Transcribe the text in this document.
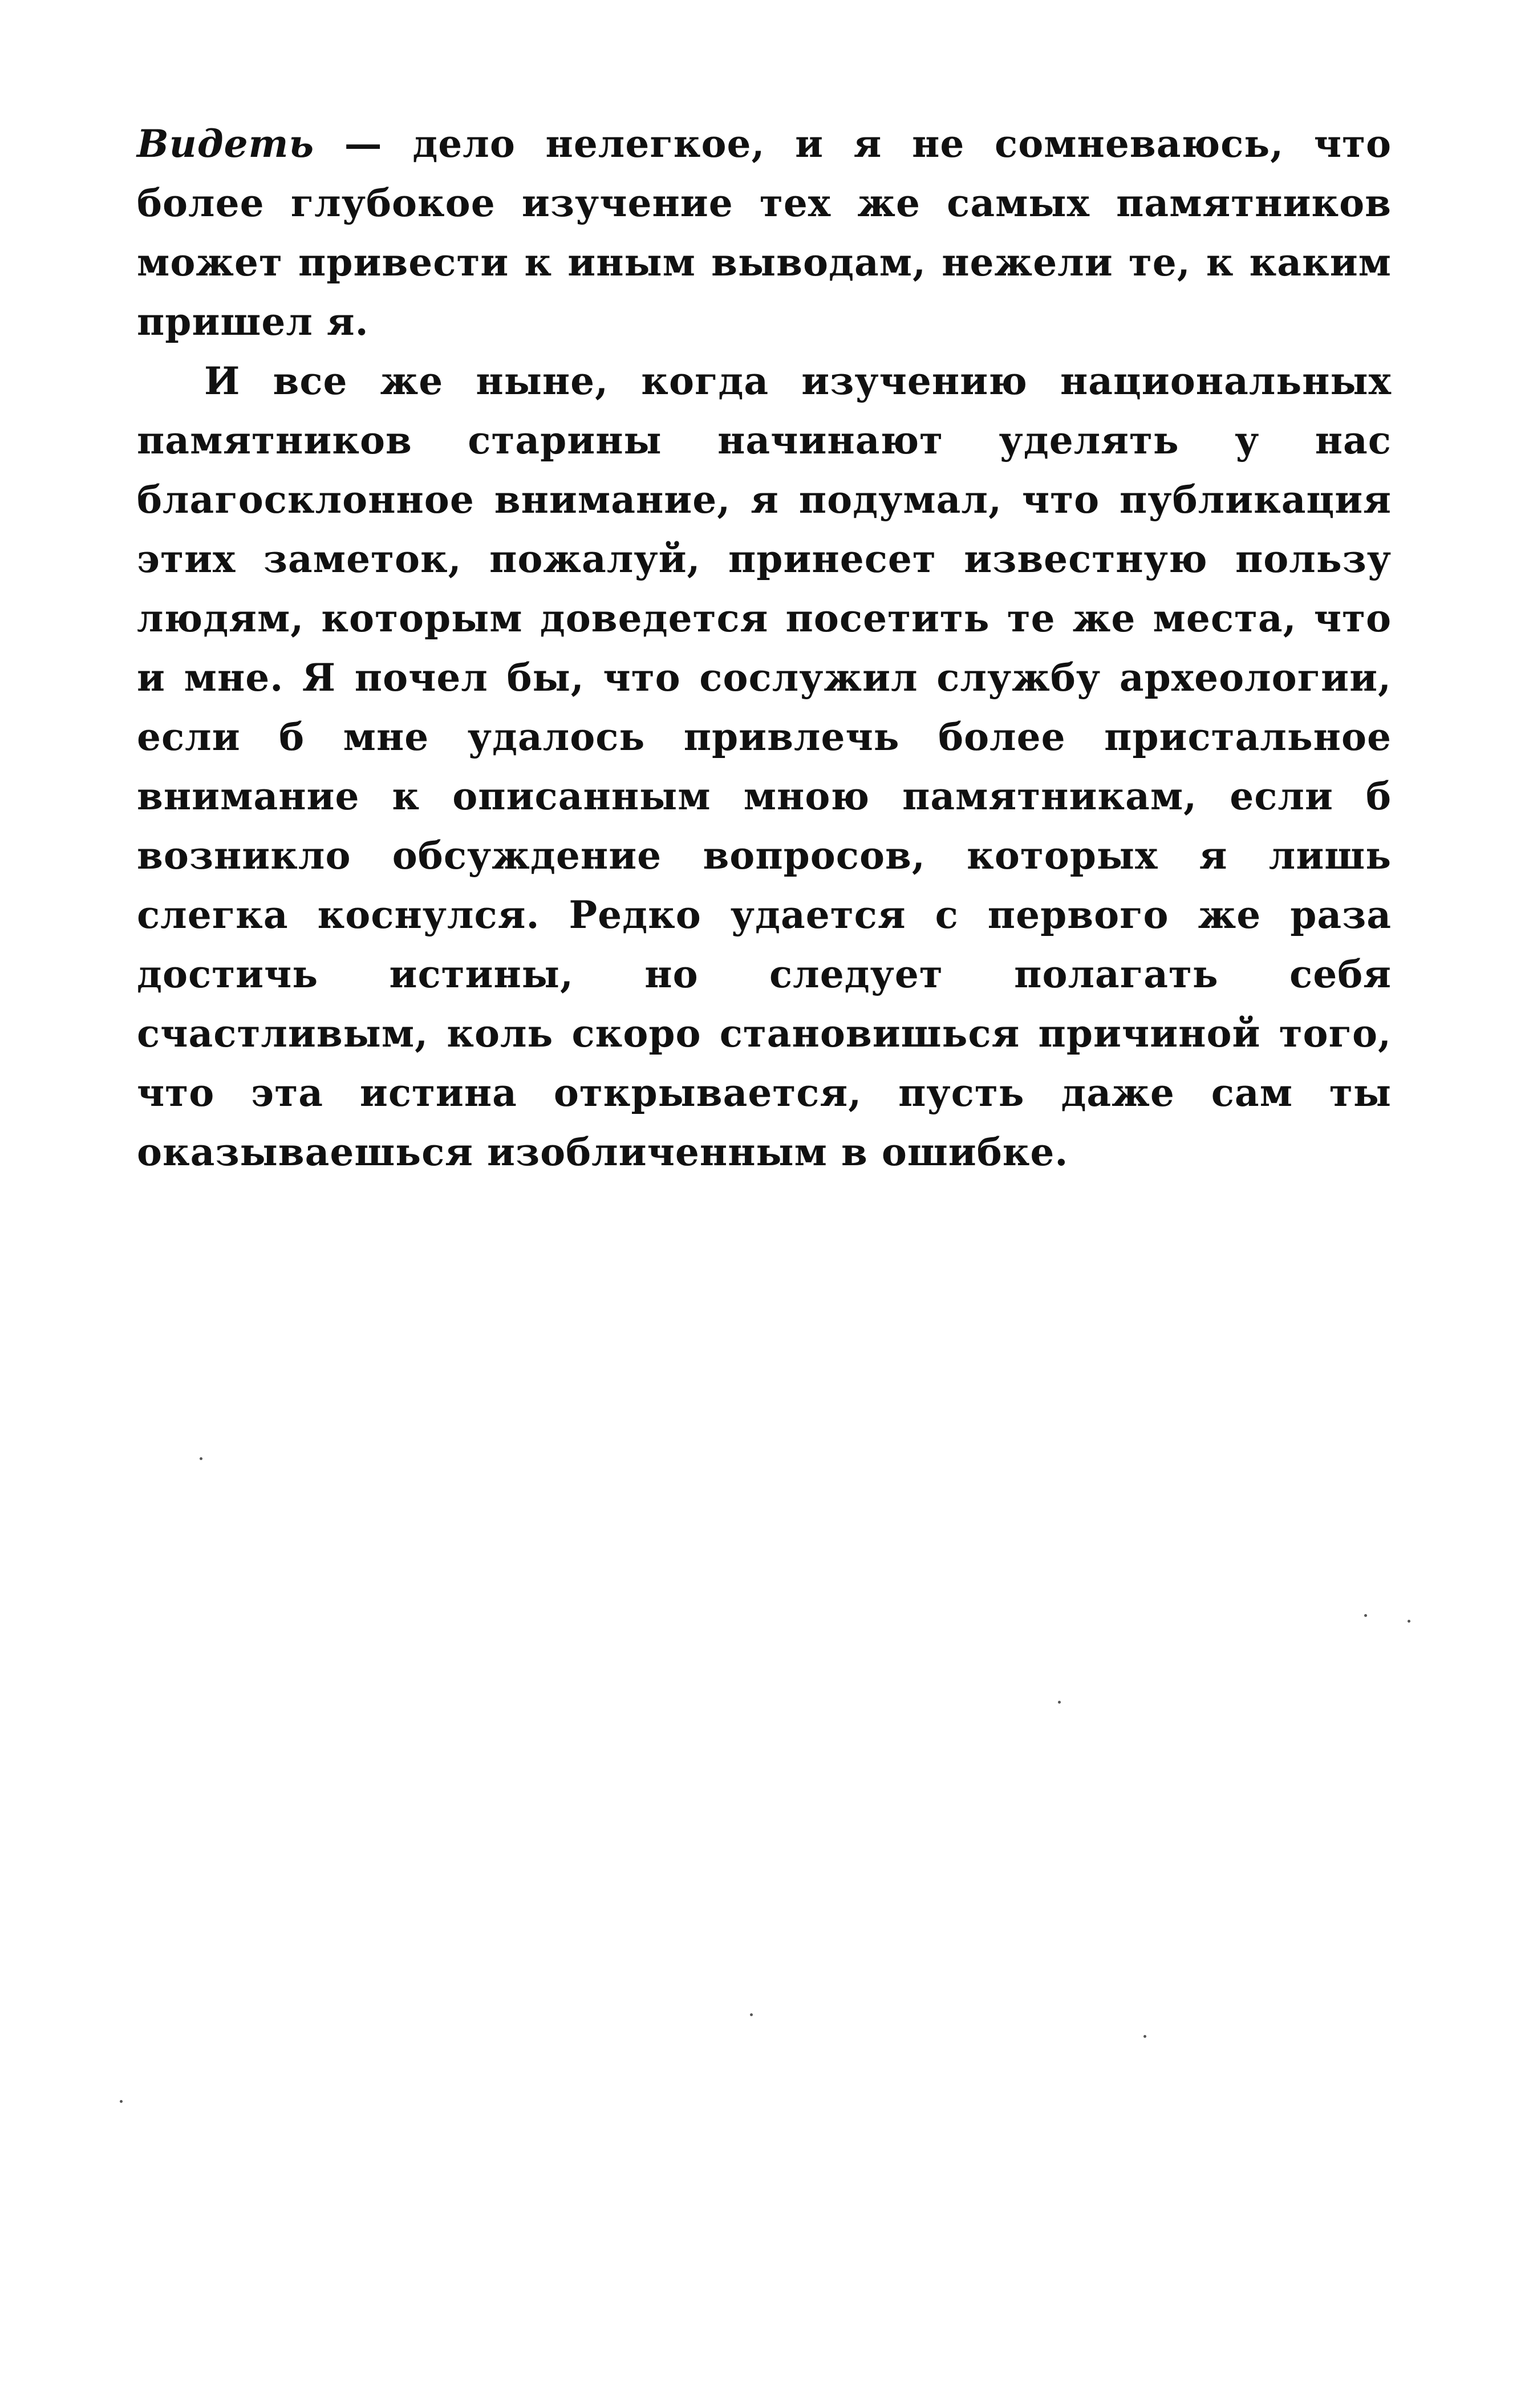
Видеть — дело нелегкое, и я не сомневаюсь, что более глубокое изучение тех же самых памятников может привести к иным выводам, нежели те, к каким пришел я.

И все же ныне, когда изучению национальных памятников старины начинают уделять у нас благосклонное внимание, я подумал, что публикация этих заметок, пожалуй, принесет известную пользу людям, которым доведется посетить те же места, что и мне. Я почел бы, что сослужил службу археологии, если б мне удалось привлечь более пристальное внимание к описанным мною памятникам, если б возникло обсуждение вопросов, которых я лишь слегка коснулся. Редко удается с первого же раза достичь истины, но следует полагать себя счастливым, коль скоро становишься причиной того, что эта истина открывается, пусть даже сам ты оказываешься изобличенным в ошибке.
